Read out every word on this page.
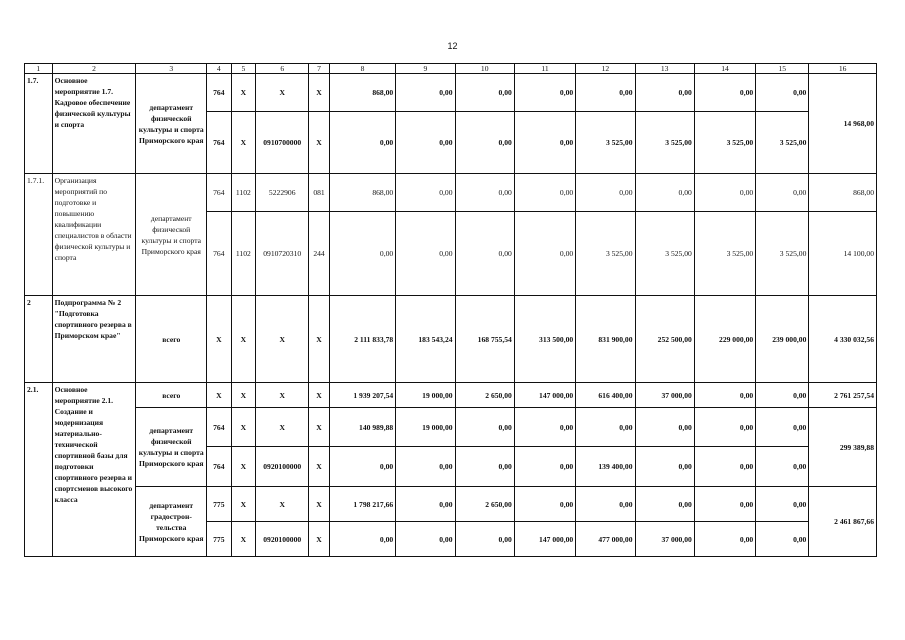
12
1	2	3	4	5	6	7	8	9	10	11	12	13	14	15	16
1.7.	Основное мероприятие 1.7. Кадровое обеспечение физической культуры и спорта	департамент физической культуры и спорта Приморского края	764	X	X	X	868,00	0,00	0,00	0,00	0,00	0,00	0,00	0,00	14 968,00
			764	X	0910700000	X	0,00	0,00	0,00	0,00	3 525,00	3 525,00	3 525,00	3 525,00	
1.7.1.	Организация мероприятий по подготовке и повышению квалификации специалистов в области физической культуры и спорта	департамент физической культуры и спорта Приморского края	764	1102	5222906	081	868,00	0,00	0,00	0,00	0,00	0,00	0,00	0,00	868,00
			764	1102	0910720310	244	0,00	0,00	0,00	0,00	3 525,00	3 525,00	3 525,00	3 525,00	14 100,00
2	Подпрограмма № 2 "Подготовка спортивного резерва в Приморском крае"	всего	X	X	X	X	2 111 833,78	183 543,24	168 755,54	313 500,00	831 900,00	252 500,00	229 000,00	239 000,00	4 330 032,56
2.1.	Основное мероприятие 2.1. Создание и модернизация материально-технической спортивной базы для подготовки спортивного резерва и спортсменов высокого класса	всего	X	X	X	X	1 939 207,54	19 000,00	2 650,00	147 000,00	616 400,00	37 000,00	0,00	0,00	2 761 257,54
		департамент физической культуры и спорта Приморского края	764	X	X	X	140 989,88	19 000,00	0,00	0,00	0,00	0,00	0,00	0,00	299 389,88
			764	X	0920100000	X	0,00	0,00	0,00	0,00	139 400,00	0,00	0,00	0,00	
		департамент градострон-тельства Приморского края	775	X	X	X	1 798 217,66	0,00	2 650,00	0,00	0,00	0,00	0,00	0,00	2 461 867,66
			775	X	0920100000	X	0,00	0,00	0,00	147 000,00	477 000,00	37 000,00	0,00	0,00	
